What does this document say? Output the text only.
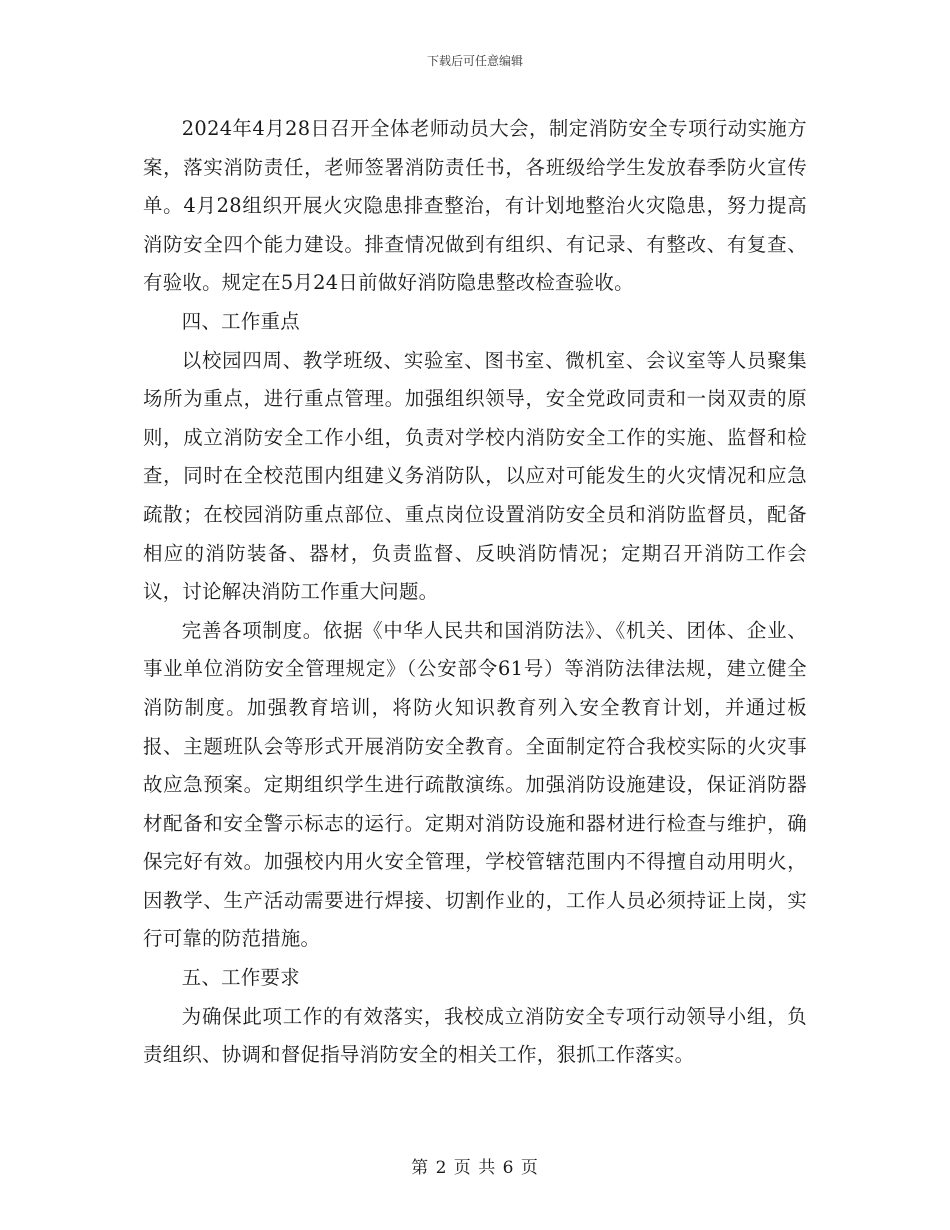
下载后可任意编辑

2024年4月28日召开全体老师动员大会，制定消防安全专项行动实施方案，落实消防责任，老师签署消防责任书，各班级给学生发放春季防火宣传单。4月28组织开展火灾隐患排查整治，有计划地整治火灾隐患，努力提高消防安全四个能力建设。排查情况做到有组织、有记录、有整改、有复查、有验收。规定在5月24日前做好消防隐患整改检查验收。

四、工作重点

以校园四周、教学班级、实验室、图书室、微机室、会议室等人员聚集场所为重点，进行重点管理。加强组织领导，安全党政同责和一岗双责的原则，成立消防安全工作小组，负责对学校内消防安全工作的实施、监督和检查，同时在全校范围内组建义务消防队，以应对可能发生的火灾情况和应急疏散；在校园消防重点部位、重点岗位设置消防安全员和消防监督员，配备相应的消防装备、器材，负责监督、反映消防情况；定期召开消防工作会议，讨论解决消防工作重大问题。

完善各项制度。依据《中华人民共和国消防法》、《机关、团体、企业、事业单位消防安全管理规定》（公安部令61号）等消防法律法规，建立健全消防制度。加强教育培训，将防火知识教育列入安全教育计划，并通过板报、主题班队会等形式开展消防安全教育。全面制定符合我校实际的火灾事故应急预案。定期组织学生进行疏散演练。加强消防设施建设，保证消防器材配备和安全警示标志的运行。定期对消防设施和器材进行检查与维护，确保完好有效。加强校内用火安全管理，学校管辖范围内不得擅自动用明火，因教学、生产活动需要进行焊接、切割作业的，工作人员必须持证上岗，实行可靠的防范措施。

五、工作要求

为确保此项工作的有效落实，我校成立消防安全专项行动领导小组，负责组织、协调和督促指导消防安全的相关工作，狠抓工作落实。

第 2 页 共 6 页
